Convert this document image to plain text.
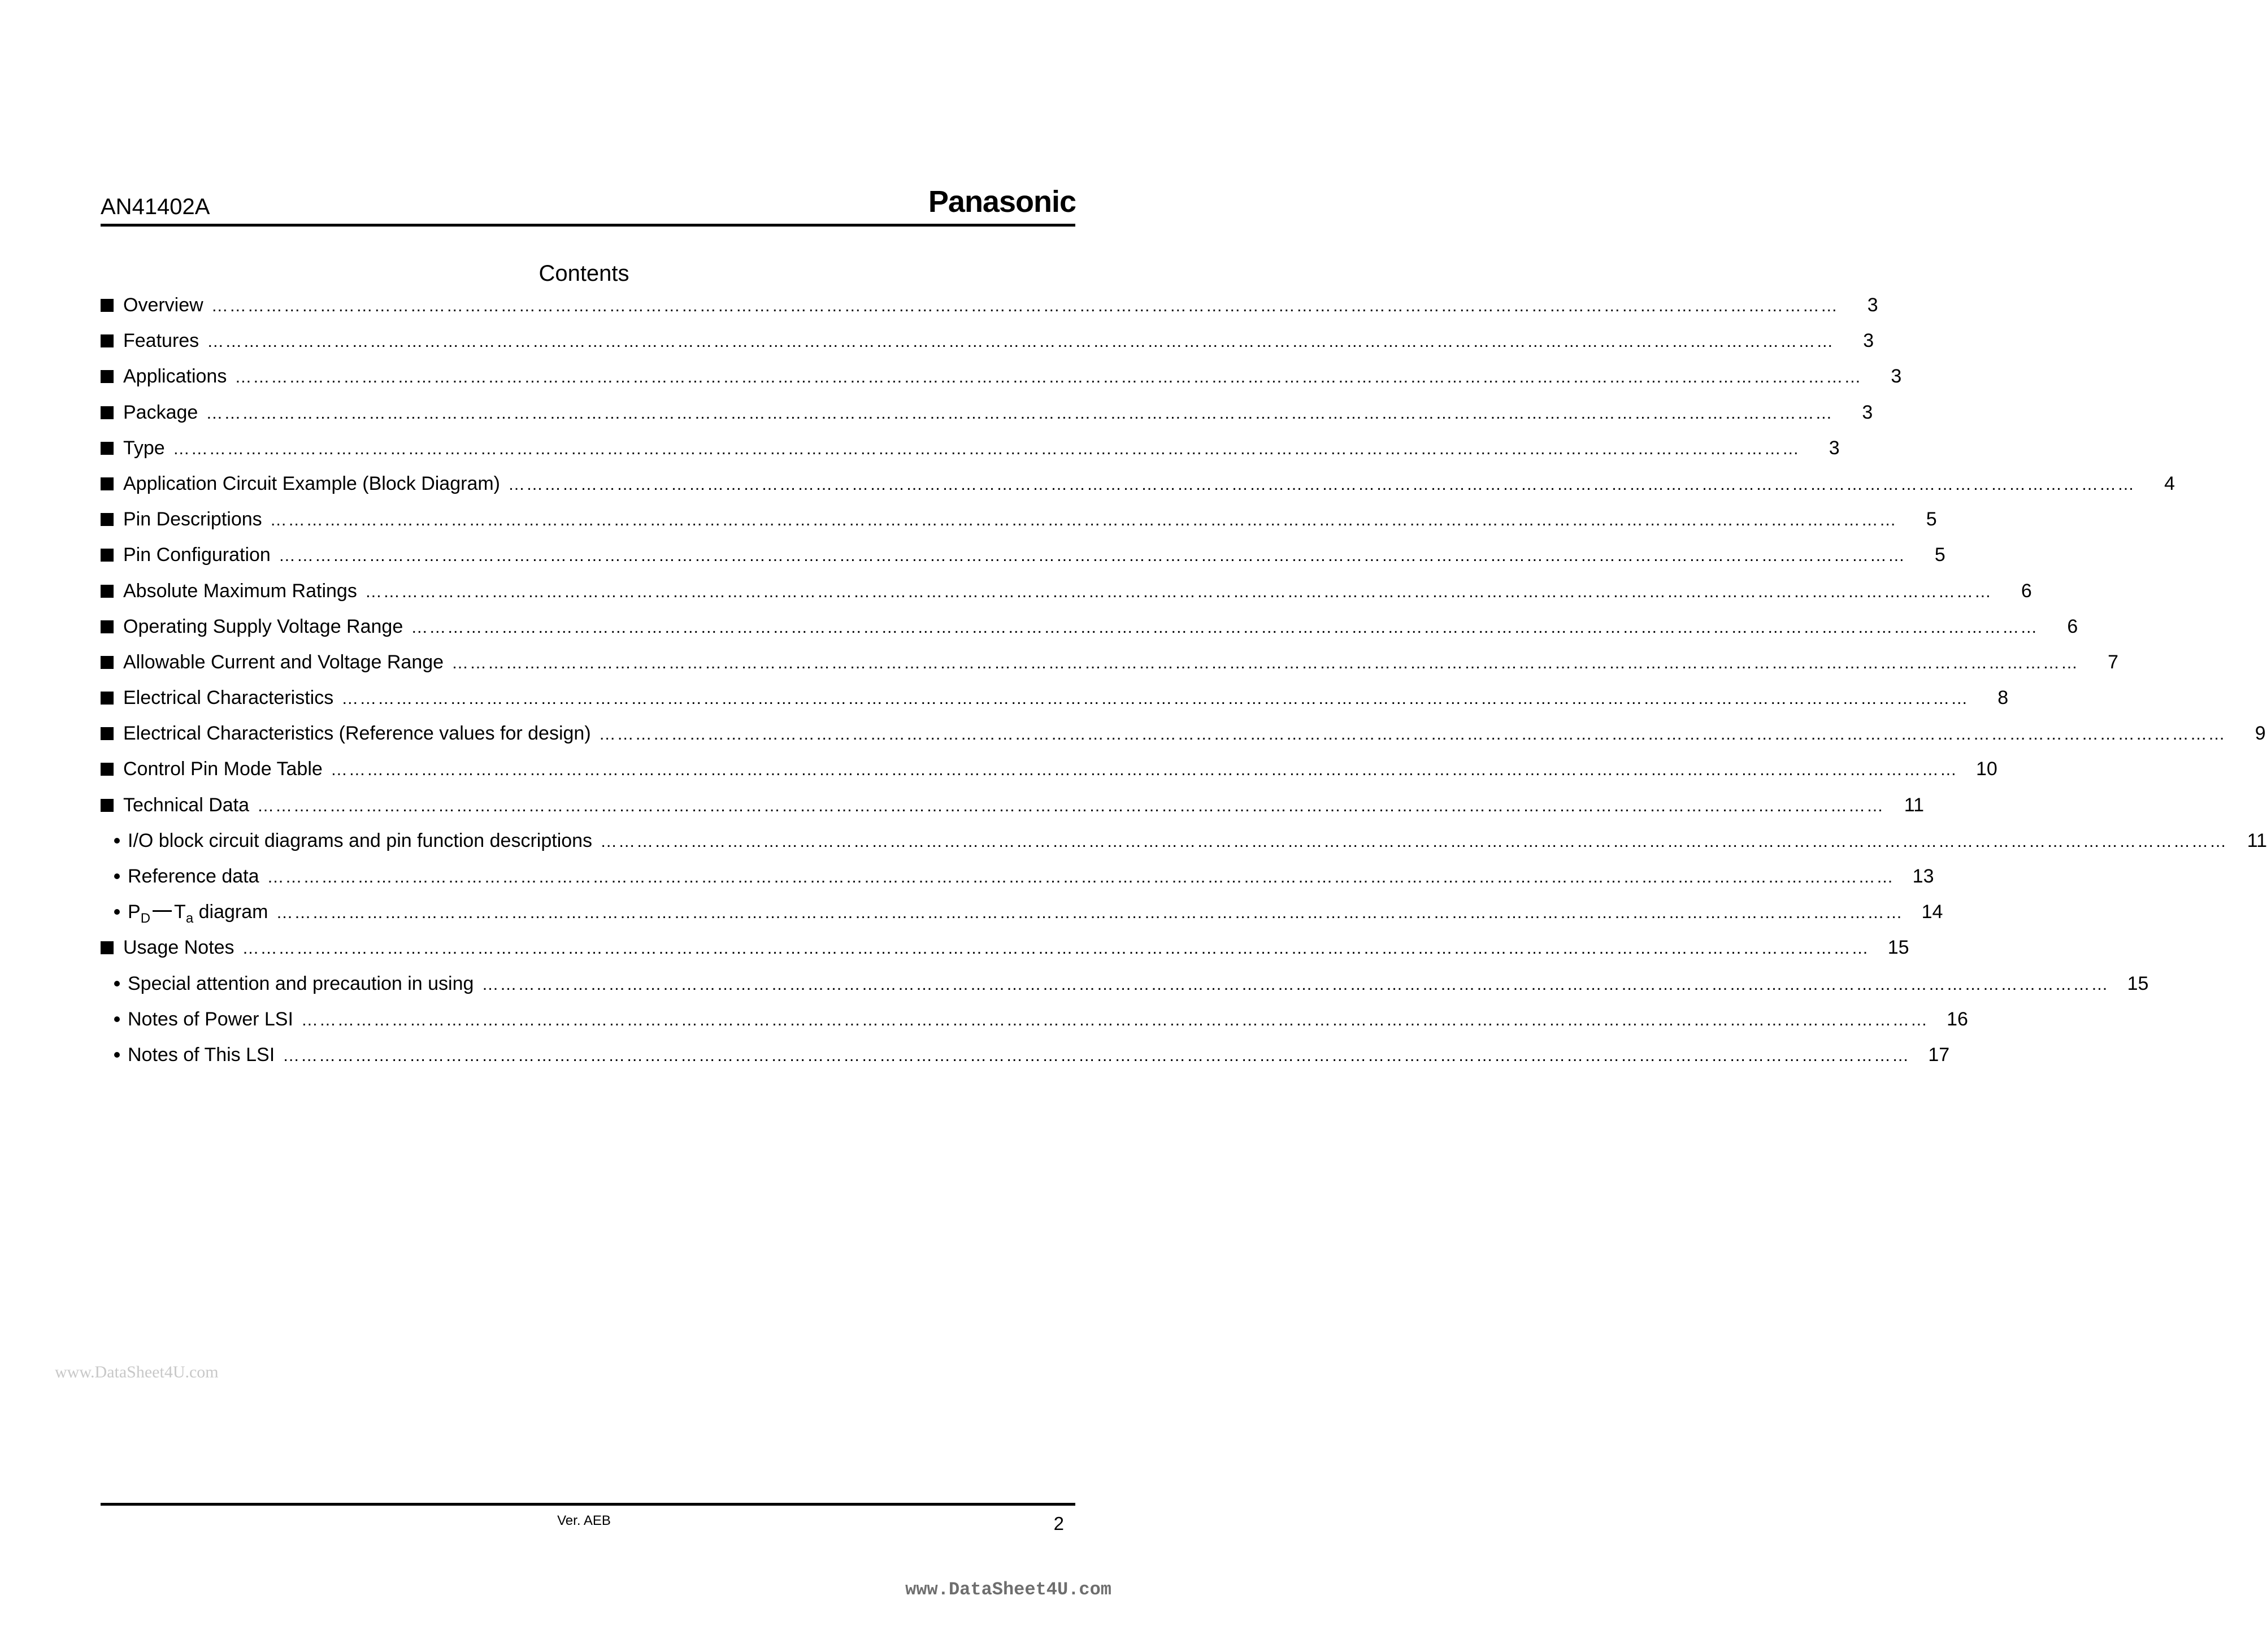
AN41402A	Panasonic
Contents
Overview ………………………………………………………………………………………………………………………………………………………………………………………………………………………………………………	3
Features ………………………………………………………………………………………………………………………………………………………………………………………………………………………………………………	3
Applications ………………………………………………………………………………………………………………………………………………………………………………………………………………………………………………	3
Package ………………………………………………………………………………………………………………………………………………………………………………………………………………………………………………	3
Type ………………………………………………………………………………………………………………………………………………………………………………………………………………………………………………	3
Application Circuit Example (Block Diagram) ………………………………………………………………………………………………………………………………………………………………………………………………………………………………………………	4
Pin Descriptions ………………………………………………………………………………………………………………………………………………………………………………………………………………………………………………	5
Pin Configuration ………………………………………………………………………………………………………………………………………………………………………………………………………………………………………………	5
Absolute Maximum Ratings ………………………………………………………………………………………………………………………………………………………………………………………………………………………………………………	6
Operating Supply Voltage Range ………………………………………………………………………………………………………………………………………………………………………………………………………………………………………………	6
Allowable Current and Voltage Range ………………………………………………………………………………………………………………………………………………………………………………………………………………………………………………	7
Electrical Characteristics ………………………………………………………………………………………………………………………………………………………………………………………………………………………………………………	8
Electrical Characteristics (Reference values for design) ………………………………………………………………………………………………………………………………………………………………………………………………………………………………………………	9
Control Pin Mode Table ……………………………………………………………………………………………………………………………………………………………………………………………………………………………………………… 10
Technical Data ………………………………………………………………………………………………………………………………………………………………………………………………………………………………………………	11
I/O block circuit diagrams and pin function descriptions ………………………………………………………………………………………………………………………………………………………………………………………………………………………………………………	11
Reference data ……………………………………………………………………………………………………………………………………………………………………………………………………………………………………………… 13
$P_D$ $T_a$ diagram ……………………………………………………………………………………………………………………………………………………………………………………………………………………………………………… 14
Usage Notes ……………………………………………………………………………………………………………………………………………………………………………………………………………………………………………… 15
Special attention and precaution in using ……………………………………………………………………………………………………………………………………………………………………………………………………………………………………………… 15
Notes of Power LSI ……………………………………………………………………………………………………………………………………………………………………………………………………………………………………………… 16
Notes of This LSI ……………………………………………………………………………………………………………………………………………………………………………………………………………………………………………… 17
www.DataSheet4U.com
Ver. AEB	2
www.DataSheet4U.com
